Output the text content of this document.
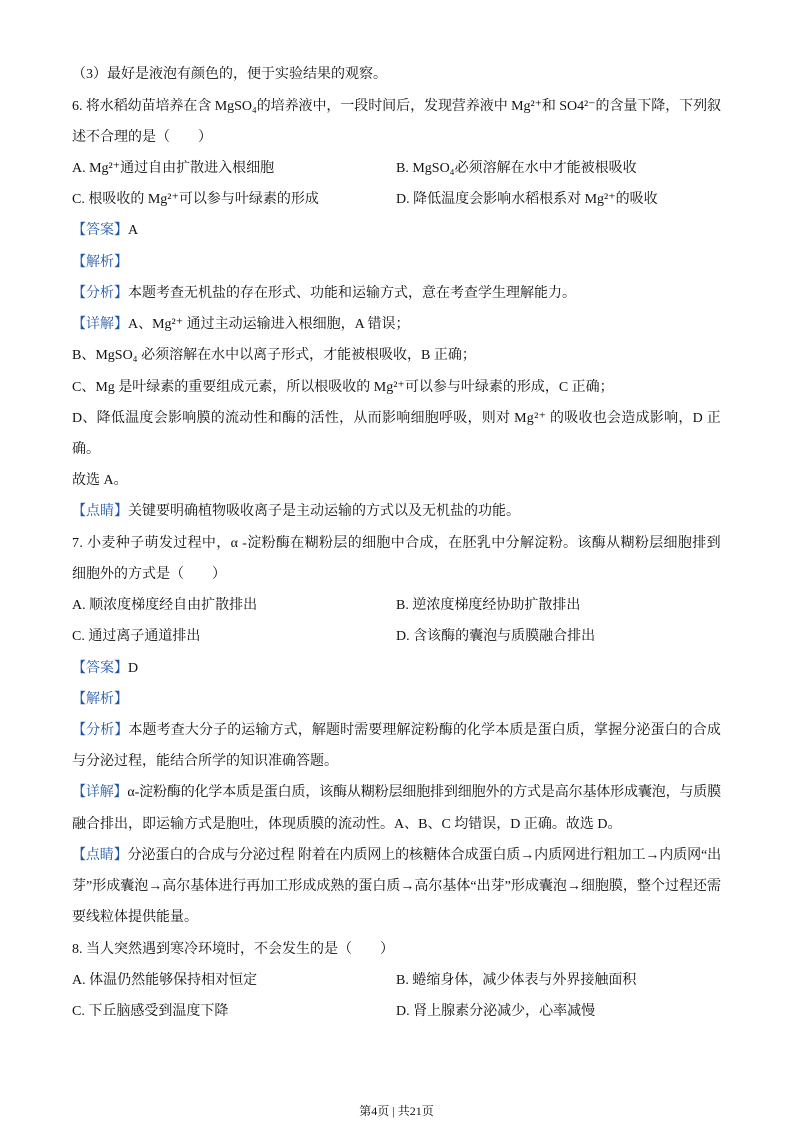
（3）最好是液泡有颜色的，便于实验结果的观察。
6. 将水稻幼苗培养在含 MgSO₄的培养液中，一段时间后，发现营养液中 Mg²⁺和 SO4²⁻的含量下降，下列叙
述不合理的是（　　）
A. Mg²⁺通过自由扩散进入根细胞	B. MgSO₄必须溶解在水中才能被根吸收
C. 根吸收的 Mg²⁺可以参与叶绿素的形成	D. 降低温度会影响水稻根系对 Mg²⁺的吸收
【答案】A
【解析】
【分析】本题考查无机盐的存在形式、功能和运输方式，意在考查学生理解能力。
【详解】A、Mg²⁺ 通过主动运输进入根细胞，A 错误；
B、MgSO₄ 必须溶解在水中以离子形式，才能被根吸收，B 正确；
C、Mg 是叶绿素的重要组成元素，所以根吸收的 Mg²⁺可以参与叶绿素的形成，C 正确；
D、降低温度会影响膜的流动性和酶的活性，从而影响细胞呼吸，则对 Mg²⁺ 的吸收也会造成影响，D 正
确。
故选 A。
【点睛】关键要明确植物吸收离子是主动运输的方式以及无机盐的功能。
7. 小麦种子萌发过程中，α -淀粉酶在糊粉层的细胞中合成，在胚乳中分解淀粉。该酶从糊粉层细胞排到
细胞外的方式是（　　）
A. 顺浓度梯度经自由扩散排出	B. 逆浓度梯度经协助扩散排出
C. 通过离子通道排出	D. 含该酶的囊泡与质膜融合排出
【答案】D
【解析】
【分析】本题考查大分子的运输方式，解题时需要理解淀粉酶的化学本质是蛋白质，掌握分泌蛋白的合成
与分泌过程，能结合所学的知识准确答题。
【详解】α-淀粉酶的化学本质是蛋白质，该酶从糊粉层细胞排到细胞外的方式是高尔基体形成囊泡，与质膜
融合排出，即运输方式是胞吐，体现质膜的流动性。A、B、C 均错误，D 正确。故选 D。
【点睛】分泌蛋白的合成与分泌过程 附着在内质网上的核糖体合成蛋白质→内质网进行粗加工→内质网“出
芽”形成囊泡→高尔基体进行再加工形成成熟的蛋白质→高尔基体“出芽”形成囊泡→细胞膜，整个过程还需
要线粒体提供能量。
8. 当人突然遇到寒冷环境时，不会发生的是（　　）
A. 体温仍然能够保持相对恒定	B. 蜷缩身体，减少体表与外界接触面积
C. 下丘脑感受到温度下降	D. 肾上腺素分泌减少，心率减慢
第4页 | 共21页
